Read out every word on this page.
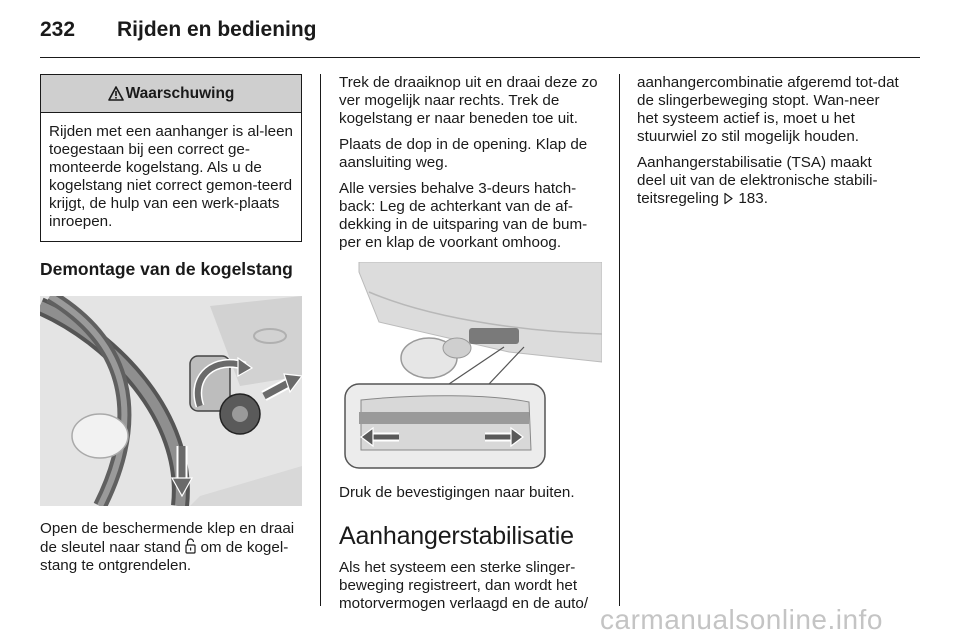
232 Rijden en bediening
Waarschuwing
Rijden met een aanhanger is al-leen toegestaan bij een correct ge-monteerde kogelstang. Als u de kogelstang niet correct gemon-teerd krijgt, de hulp van een werk-plaats inroepen.
Demontage van de kogelstang
Open de beschermende klep en draai de sleutel naar stand  om de kogel-stang te ontgrendelen.
Trek de draaiknop uit en draai deze zo ver mogelijk naar rechts. Trek de kogelstang er naar beneden toe uit.
Plaats de dop in de opening. Klap de aansluiting weg.
Alle versies behalve 3-deurs hatch-back: Leg de achterkant van de af-dekking in de uitsparing van de bum-per en klap de voorkant omhoog.
Druk de bevestigingen naar buiten.
Aanhangerstabilisatie
Als het systeem een sterke slinger-beweging registreert, dan wordt het motorvermogen verlaagd en de auto/
aanhangercombinatie afgeremd tot-dat de slingerbeweging stopt. Wan-neer het systeem actief is, moet u het stuurwiel zo stil mogelijk houden.
Aanhangerstabilisatie (TSA) maakt deel uit van de elektronische stabili-teitsregeling  183.
carmanualsonline.info
